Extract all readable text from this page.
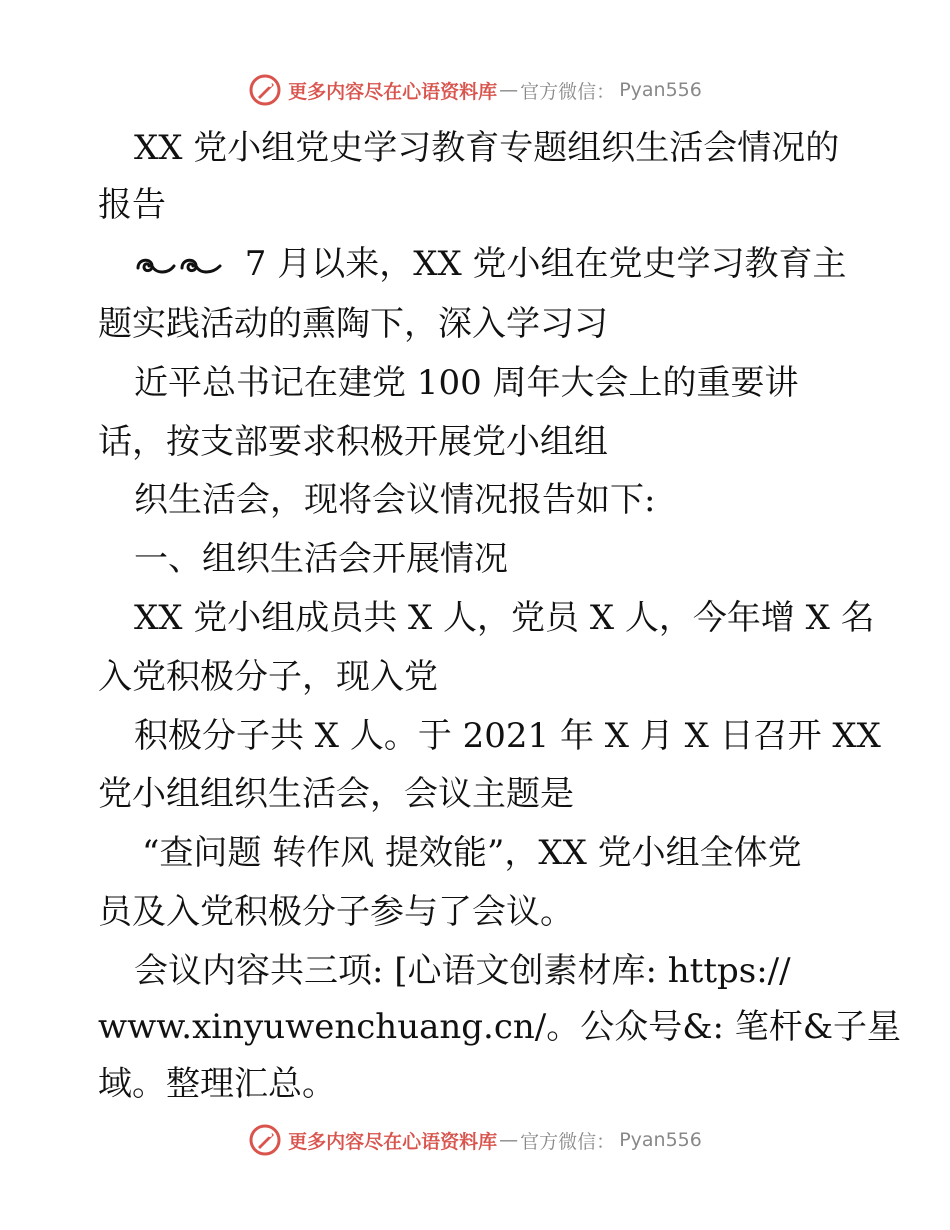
更多内容尽在心语资料库 — 官方微信： Pyan556
XX 党小组党史学习教育专题组织生活会情况的
报告
7 月以来，XX 党小组在党史学习教育主
题实践活动的熏陶下，深入学习习
近平总书记在建党 100 周年大会上的重要讲
话，按支部要求积极开展党小组组
织生活会，现将会议情况报告如下:
一、组织生活会开展情况
XX 党小组成员共 X 人，党员 X 人，今年增 X 名
入党积极分子，现入党
积极分子共 X 人。于 2021 年 X 月 X 日召开 XX
党小组组织生活会，会议主题是
“查问题 转作风 提效能”，XX 党小组全体党
员及入党积极分子参与了会议。
会议内容共三项: [心语文创素材库: https://
www.xinyuwenchuang.cn/。公众号&: 笔杆&子星
域。整理汇总。
更多内容尽在心语资料库 — 官方微信： Pyan556
